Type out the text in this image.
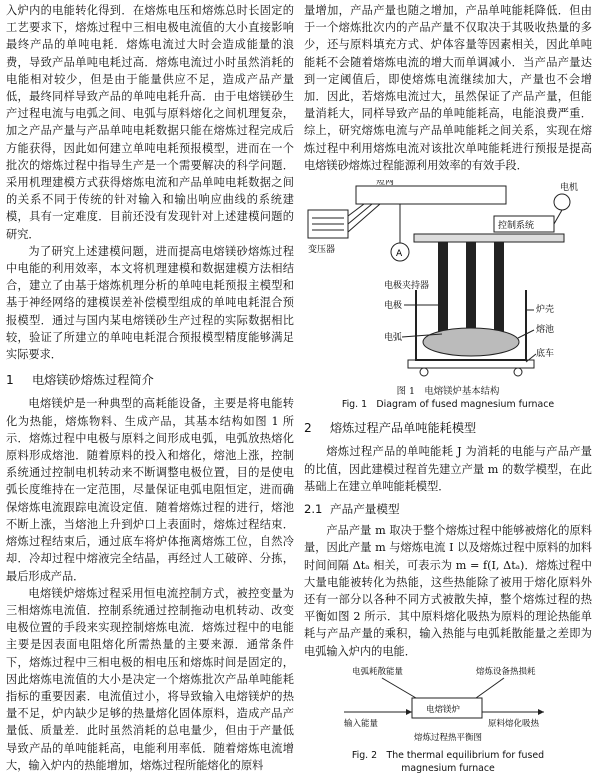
入炉内的电能转化得到．在熔炼电压和熔炼总时长固定的工艺要求下，熔炼过程中三相电极电流值的大小直接影响最终产品的单吨电耗．熔炼电流过大时会造成能量的浪费，导致产品单吨电耗过高．熔炼电流过小时虽然消耗的电能相对较少，但是由于能量供应不足，造成产品产量低，最终同样导致产品的单吨电耗升高．由于电熔镁砂生产过程电流与电弧之间、电弧与原料熔化之间机理复杂，加之产品产量与产品单吨电耗数据只能在熔炼过程完成后方能获得，因此如何建立单吨电耗预报模型，进而在一个批次的熔炼过程中指导生产是一个需要解决的科学问题．采用机理建模方式获得熔炼电流和产品单吨电耗数据之间的关系不同于传统的针对输入和输出响应曲线的系统建模，具有一定难度．目前还没有发现针对上述建模问题的研究．

为了研究上述建模问题，进而提高电熔镁砂熔炼过程中电能的利用效率，本文将机理建模和数据建模方法相结合，建立了由基于熔炼机理分析的单吨电耗预报主模型和基于神经网络的建模误差补偿模型组成的单吨电耗混合预报模型．通过与国内某电熔镁砂生产过程的实际数据相比较，验证了所建立的单吨电耗混合预报模型精度能够满足实际要求．

1 电熔镁砂熔炼过程简介

电熔镁炉是一种典型的高耗能设备，主要是将电能转化为热能，熔炼物料、生成产品，其基本结构如图 1 所示．熔炼过程中电极与原料之间形成电弧，电弧放热熔化原料形成熔池．随着原料的投入和熔化，熔池上涨，控制系统通过控制电机转动来不断调整电极位置，目的是使电弧长度维持在一定范围，尽量保证电弧电阻恒定，进而确保熔炼电流跟踪电流设定值．随着熔炼过程的进行，熔池不断上涨，当熔池上升到炉口上表面时，熔炼过程结束．熔炼过程结束后，通过底车将炉体拖离熔炼工位，自然冷却．冷却过程中熔液完全结晶，再经过人工破碎、分拣，最后形成产品．

电熔镁炉熔炼过程采用恒电流控制方式，被控变量为三相熔炼电流值．控制系统通过控制拖动电机转动、改变电极位置的手段来实现控制熔炼电流．熔炼过程中的电能主要是因表面电阻熔化所需热量的主要来源．通常条件下，熔炼过程中三相电极的相电压和熔炼时间是固定的，因此熔炼电流值的大小是决定一个熔炼批次产品单吨能耗指标的重要因素．电流值过小，将导致输入电熔镁炉的热量不足，炉内缺少足够的热量熔化固体原料，造成产品产量低、质量差．此时虽然消耗的总电量少，但由于产量低导致产品的单吨能耗高，电能利用率低．随着熔炼电流增大，输入炉内的热能增加，熔炼过程所能熔化的原料

量增加，产品产量也随之增加，产品单吨能耗降低．但由于一个熔炼批次内的产品产量不仅取决于其吸收热量的多少，还与原料填充方式、炉体容量等因素相关，因此单吨能耗不会随着熔炼电流的增大而单调减小．当产品产量达到一定阈值后，即使熔炼电流继续加大，产量也不会增加．因此，若熔炼电流过大，虽然保证了产品产量，但能量消耗大，同样导致产品的单吨能耗高，电能浪费严重．综上，研究熔炼电流与产品单吨能耗之间关系，实现在熔炼过程中利用熔炼电流对该批次单吨能耗进行预报是提高电熔镁砂熔炼过程能源利用效率的有效手段．

短网
变压器	A
控制系统
电机
电极夹持器
电极	炉壳
熔池
电弧
底车
图 1　电熔镁炉基本结构
Fig. 1　Diagram of fused magnesium furnace
2 熔炼过程产品单吨能耗模型

熔炼过程产品的单吨能耗 J 为消耗的电能与产品产量的比值，因此建模过程首先建立产量 m 的数学模型，在此基础上在建立单吨能耗模型．

2.1 产品产量模型

产品产量 m 取决于整个熔炼过程中能够被熔化的原料量，因此产量 m 与熔炼电流 I 以及熔炼过程中原料的加料时间间隔 Δtₐ 相关，可表示为 m = f(I, Δtₐ)．熔炼过程中大量电能被转化为热能，这些热能除了被用于熔化原料外还有一部分以各种不同方式被散失掉，整个熔炼过程的热平衡如图 2 所示．其中原料熔化吸热为原料的理论热能单耗与产品产量的乘积，输入热能与电弧耗散能量之差即为电弧输入炉内的电能．

电弧耗散能量	熔炼设备热损耗
电熔镁炉
输入能量	原料熔化吸热
熔炼过程热平衡图
Fig. 2　The thermal equilibrium for fused
magnesium furnace
